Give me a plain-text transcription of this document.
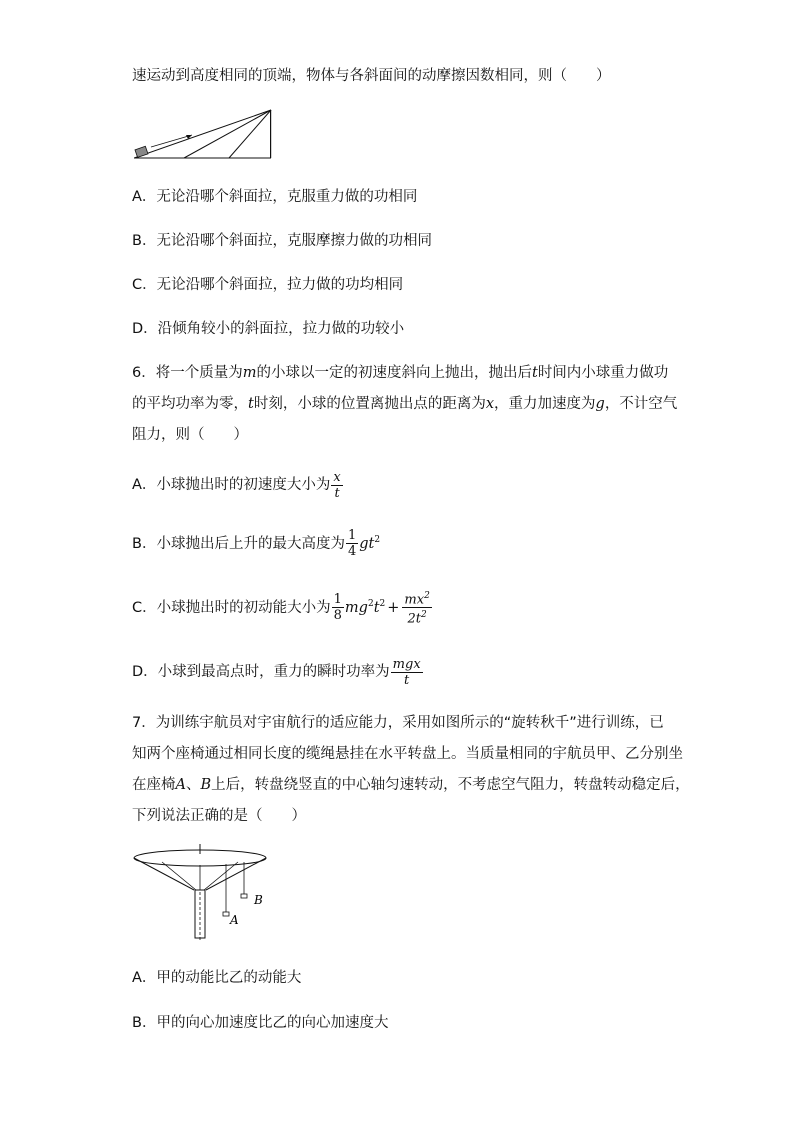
速运动到高度相同的顶端，物体与各斜面间的动摩擦因数相同，则（　　）
A．无论沿哪个斜面拉，克服重力做的功相同
B．无论沿哪个斜面拉，克服摩擦力做的功相同
C．无论沿哪个斜面拉，拉力做的功均相同
D．沿倾角较小的斜面拉，拉力做的功较小
6．将一个质量为m的小球以一定的初速度斜向上抛出，抛出后t时间内小球重力做功
的平均功率为零，t时刻，小球的位置离抛出点的距离为x，重力加速度为g，不计空气
阻力，则（　　）
A．小球抛出时的初速度大小为 $\frac{x}{t}$
B．小球抛出后上升的最大高度为 $\frac{1}{4} gt^2$
C．小球抛出时的初动能大小为 $\frac{1}{8} mg^2t^2 + \frac{mx^2}{2t^2}$
D．小球到最高点时，重力的瞬时功率为 $\frac{\text{mgx}}{t}$
7．为训练宇航员对宇宙航行的适应能力，采用如图所示的“旋转秋千”进行训练，已
知两个座椅通过相同长度的缆绳悬挂在水平转盘上。当质量相同的宇航员甲、乙分别坐
在座椅A、B上后，转盘绕竖直的中心轴匀速转动，不考虑空气阻力，转盘转动稳定后，
下列说法正确的是（　　）
A
B
A．甲的动能比乙的动能大
B．甲的向心加速度比乙的向心加速度大
